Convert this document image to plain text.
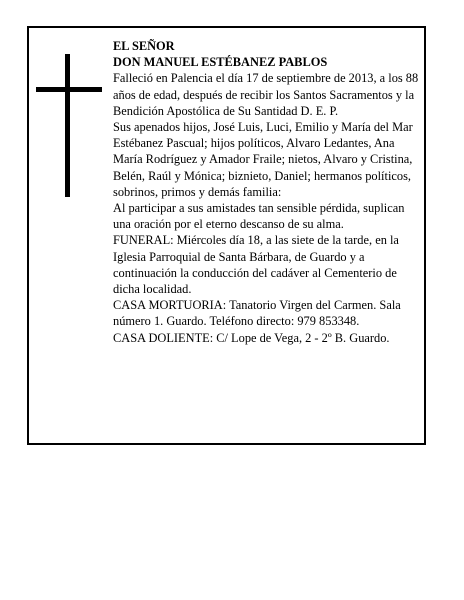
EL SEÑOR

DON MANUEL ESTÉBANEZ PABLOS

Falleció en Palencia el día 17 de septiembre de 2013, a los 88 años de edad, después de recibir los Santos Sacramentos y la Bendición Apostólica de Su Santidad D. E. P.

Sus apenados hijos, José Luis, Luci, Emilio y María del Mar Estébanez Pascual; hijos políticos, Alvaro Ledantes, Ana María Rodríguez y Amador Fraile; nietos, Alvaro y Cristina, Belén, Raúl y Mónica; biznieto, Daniel; hermanos políticos, sobrinos, primos y demás familia:

Al participar a sus amistades tan sensible pérdida, suplican una oración por el eterno descanso de su alma.

FUNERAL: Miércoles día 18, a las siete de la tarde, en la Iglesia Parroquial de Santa Bárbara, de Guardo y a continuación la conducción del cadáver al Cementerio de dicha localidad.

CASA MORTUORIA: Tanatorio Virgen del Carmen. Sala número 1. Guardo. Teléfono directo: 979 853348.

CASA DOLIENTE: C/ Lope de Vega, 2 - 2º B. Guardo.
